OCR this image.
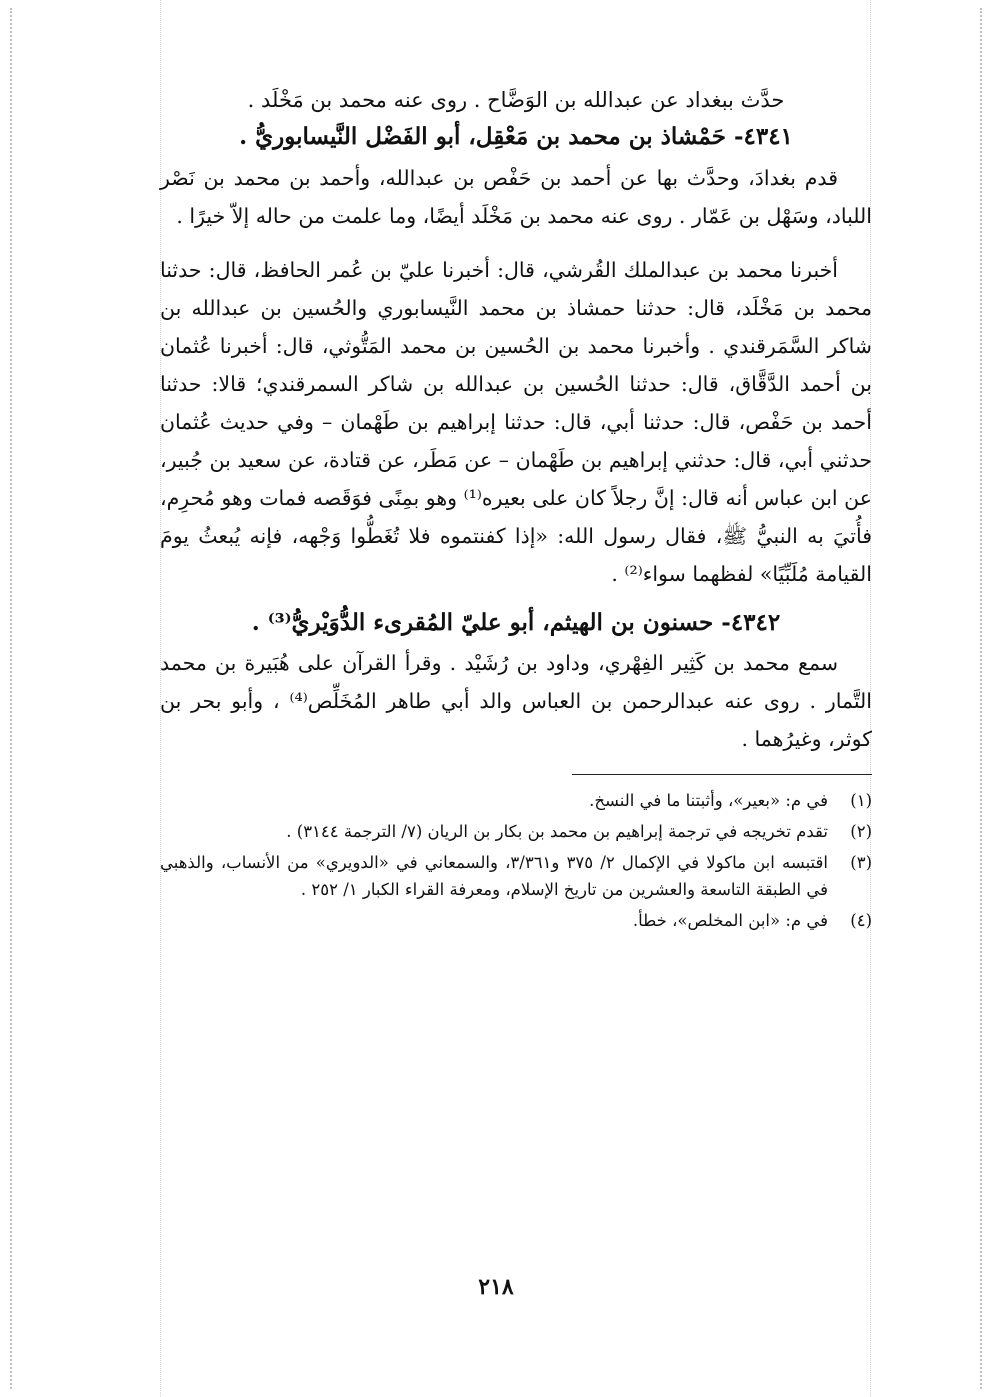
حدَّث ببغداد عن عبدالله بن الوَضَّاح . روى عنه محمد بن مَخْلَد .
٤٣٤١- حَمْشاذ بن محمد بن مَعْقِل، أبو الفَضْل النَّيسابوريُّ .

قدم بغدادَ، وحدَّث بها عن أحمد بن حَفْص بن عبدالله، وأحمد بن محمد بن نَصْر اللباد، وسَهْل بن عَمّار . روى عنه محمد بن مَخْلَد أيضًا، وما علمت من حاله إلاّ خيرًا .

أخبرنا محمد بن عبدالملك القُرشي، قال: أخبرنا عليّ بن عُمر الحافظ، قال: حدثنا محمد بن مَخْلَد، قال: حدثنا حمشاذ بن محمد النَّيسابوري والحُسين بن عبدالله بن شاكر السَّمَرقندي . وأخبرنا محمد بن الحُسين بن محمد المَتُّوثي، قال: أخبرنا عُثمان بن أحمد الدَّقَّاق، قال: حدثنا الحُسين بن عبدالله بن شاكر السمرقندي؛ قالا: حدثنا أحمد بن حَفْص، قال: حدثنا أبي، قال: حدثنا إبراهيم بن طَهْمان – وفي حديث عُثمان حدثني أبي، قال: حدثني إبراهيم بن طَهْمان – عن مَطَر، عن قتادة، عن سعيد بن جُبير، عن ابن عباس أنه قال: إنَّ رجلاً كان على بعيره⁽¹⁾ وهو بمِنًى فوَقَصه فمات وهو مُحرِم، فأُتيَ به النبيُّ ﷺ، فقال رسول الله: «إذا كفنتموه فلا تُغَطُّوا وَجْهه، فإنه يُبعثُ يومَ القيامة مُلَبِّيًا» لفظهما سواء⁽²⁾ .

٤٣٤٢- حسنون بن الهيثم، أبو عليّ المُقرىء الدُّوَيْريُّ⁽³⁾ .

سمع محمد بن كَثِير الفِهْري، وداود بن رُشَيْد . وقرأ القرآن على هُبَيرة بن محمد التَّمار . روى عنه عبدالرحمن بن العباس والد أبي طاهر المُخَلِّص⁽⁴⁾ ، وأبو بحر بن كوثر، وغيرُهما .

(١)
في م: «بعير»، وأثبتنا ما في النسخ.
(٢)
تقدم تخريجه في ترجمة إبراهيم بن محمد بن بكار بن الريان (٧/ الترجمة ٣١٤٤) .
(٣)
اقتبسه ابن ماكولا في الإكمال ٢/ ٣٧٥ و٣/٣٦١، والسمعاني في «الدويري» من الأنساب، والذهبي في الطبقة التاسعة والعشرين من تاريخ الإسلام، ومعرفة القراء الكبار ١/ ٢٥٢ .
(٤)
في م: «ابن المخلص»، خطأ.
٢١٨
